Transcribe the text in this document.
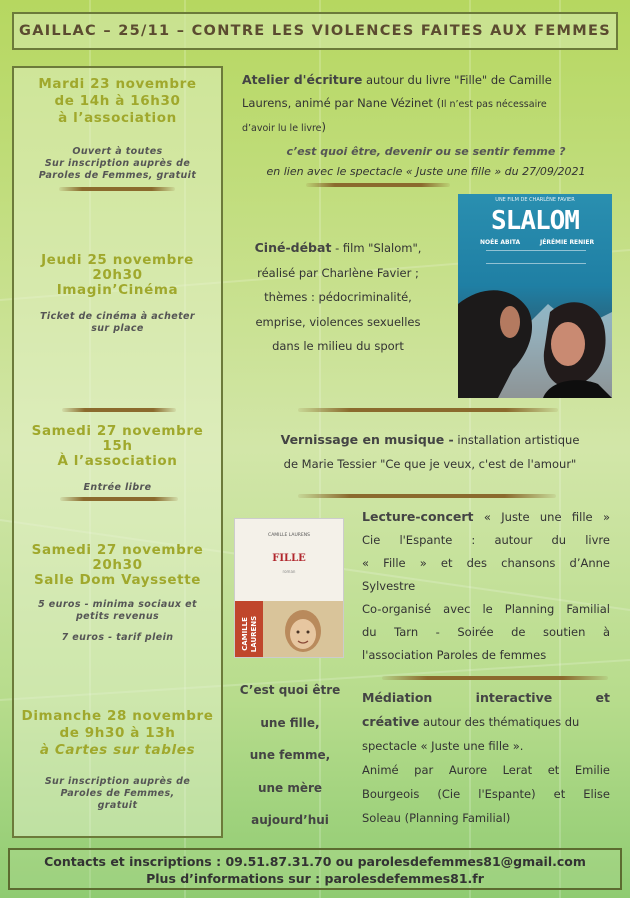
GAILLAC – 25/11 – CONTRE LES VIOLENCES FAITES AUX FEMMES
Mardi 23 novembre
de 14h à 16h30
à l’association
Ouvert à toutes
Sur inscription auprès de
Paroles de Femmes, gratuit
Jeudi 25 novembre
20h30
Imagin’Cinéma
Ticket de cinéma à acheter
sur place
Samedi 27 novembre
15h
À l’association
Entrée libre
Samedi 27 novembre
20h30
Salle Dom Vayssette
5 euros - minima sociaux et
petits revenus
7 euros - tarif plein
Dimanche 28 novembre
de 9h30 à 13h
à Cartes sur tables
Sur inscription auprès de
Paroles de Femmes,
gratuit
Atelier d'écriture autour du livre "Fille" de Camille
Laurens, animé par Nane Vézinet (Il n’est pas nécessaire
d’avoir lu le livre)
c’est quoi être, devenir ou se sentir femme ?
en lien avec le spectacle « Juste une fille » du 27/09/2021
Ciné-débat - film "Slalom",
réalisé par Charlène Favier ;
thèmes : pédocriminalité,
emprise, violences sexuelles
dans le milieu du sport
UNE FILM DE CHARLÈNE FAVIER
SLALOM
NOÉE ABITA	JÉRÉMIE RENIER
Vernissage en musique - installation artistique
de Marie Tessier "Ce que je veux, c'est de l'amour"
CAMILLE LAURENS
FILLE
roman
CAMILLE LAURENS
Lecture-concert « Juste une fille »
Cie l'Espante : autour du livre
« Fille » et des chansons d’Anne
Sylvestre
Co-organisé avec le Planning Familial
du Tarn - Soirée de soutien à
l'association Paroles de femmes
C’est quoi être
une fille,
une femme,
une mère
aujourd’hui
Médiation	interactive	et
créative autour des thématiques du
spectacle « Juste une fille ».
Animé par Aurore Lerat et Emilie
Bourgeois (Cie l'Espante) et Elise
Soleau (Planning Familial)
Contacts et inscriptions : 09.51.87.31.70 ou parolesdefemmes81@gmail.com
Plus d’informations sur : parolesdefemmes81.fr
